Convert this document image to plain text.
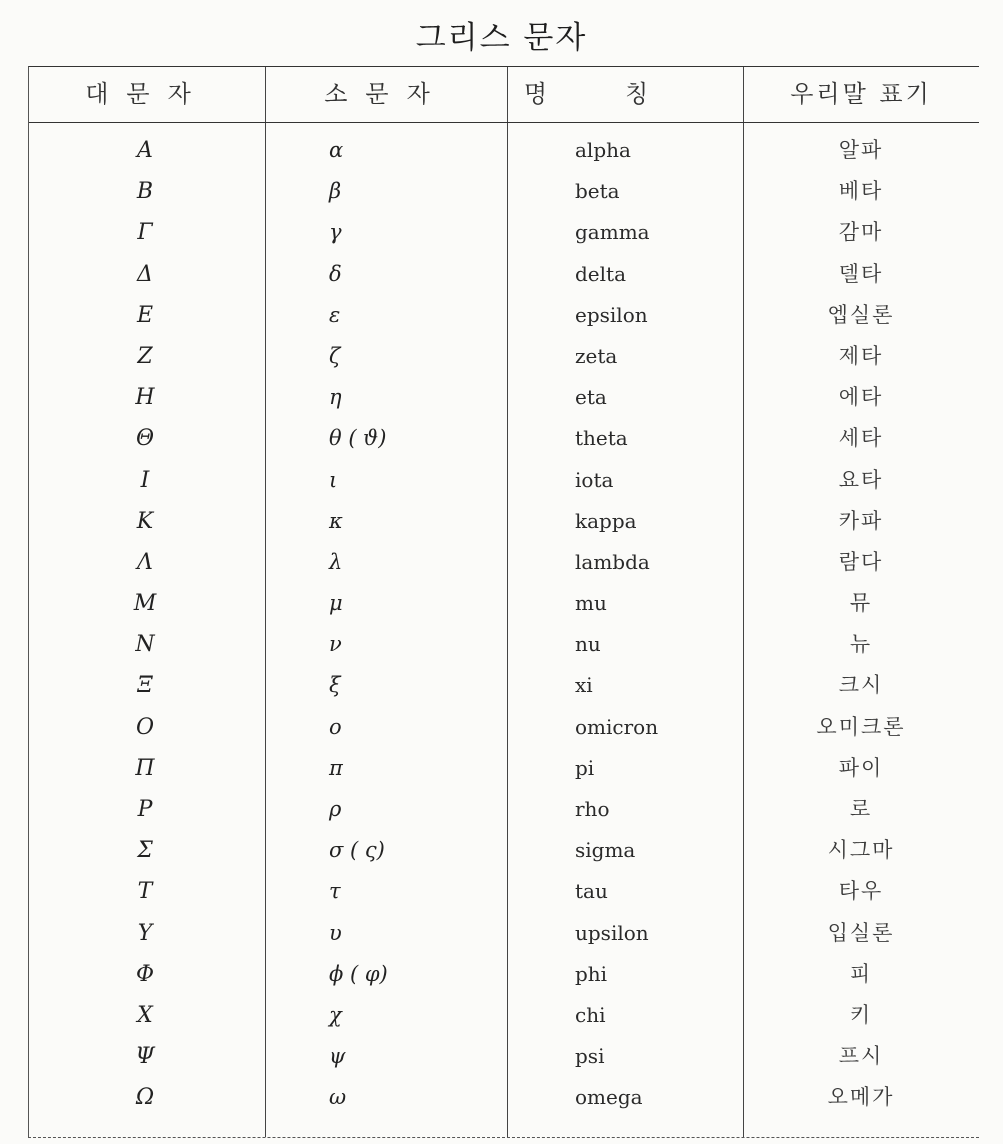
그리스 문자
대문자	소문자	명칭	우리말 표기
Α	α	alpha	알파
Β	β	beta	베타
Γ	γ	gamma	감마
Δ	δ	delta	델타
Ε	ε	epsilon	엡실론
Ζ	ζ	zeta	제타
Η	η	eta	에타
Θ	θ ( ϑ)	theta	세타
Ι	ι	iota	요타
Κ	κ	kappa	카파
Λ	λ	lambda	람다
Μ	μ	mu	뮤
Ν	ν	nu	뉴
Ξ	ξ	xi	크시
Ο	ο	omicron	오미크론
Π	π	pi	파이
Ρ	ρ	rho	로
Σ	σ ( ς)	sigma	시그마
Τ	τ	tau	타우
Υ	υ	upsilon	입실론
Φ	ϕ ( φ)	phi	피
Χ	χ	chi	키
Ψ	ψ	psi	프시
Ω	ω	omega	오메가
